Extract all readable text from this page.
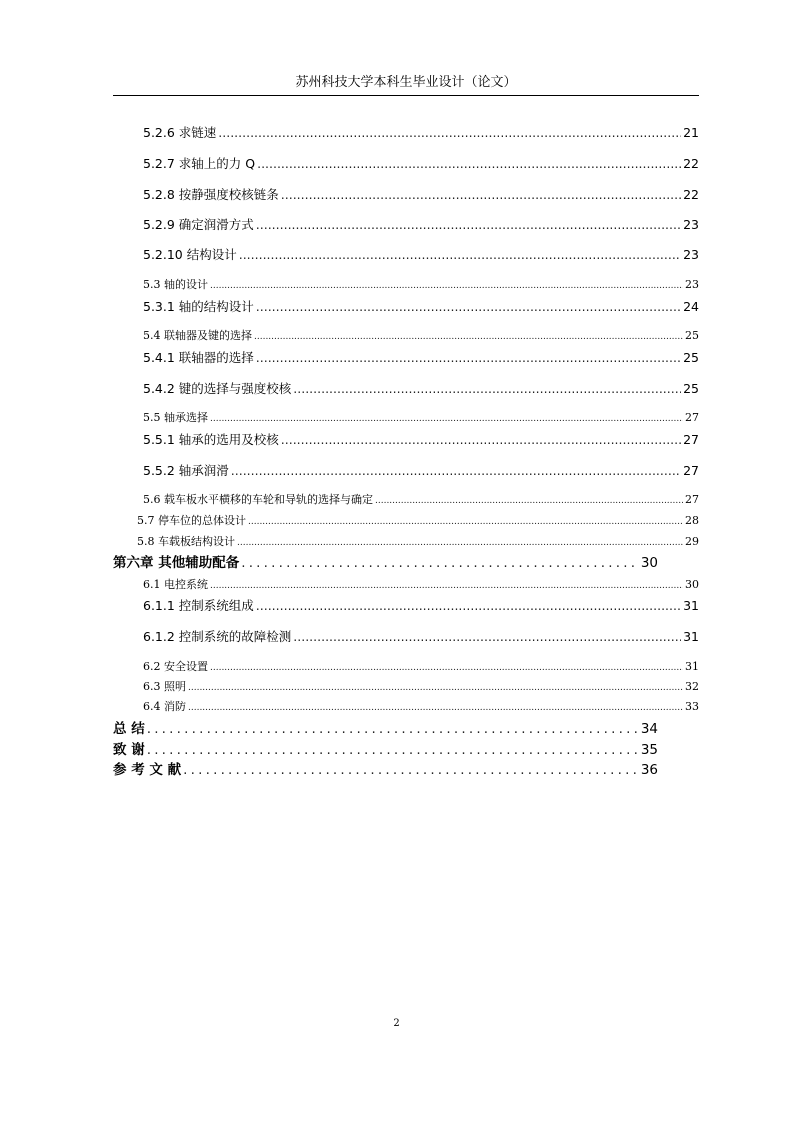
苏州科技大学本科生毕业设计（论文）
5.2.6 求链速 .....	21
5.2.7 求轴上的力 Q .....	22
5.2.8 按静强度校核链条 .....	22
5.2.9 确定润滑方式 .....	23
5.2.10 结构设计 .....	23
5.3 轴的设计 .....	23
5.3.1 轴的结构设计 .....	24
5.4 联轴器及键的选择 .....	25
5.4.1 联轴器的选择 .....	25
5.4.2 键的选择与强度校核 .....	25
5.5 轴承选择 .....	27
5.5.1 轴承的选用及校核 .....	27
5.5.2 轴承润滑 .....	27
5.6 载车板水平横移的车轮和导轨的选择与确定 .....	27
5.7 停车位的总体设计 .....	28
5.8 车载板结构设计 .....	29
第六章 其他辅助配备 .....	30
6.1 电控系统 .....	30
6.1.1 控制系统组成 .....	31
6.1.2 控制系统的故障检测 .....	31
6.2 安全设置 .....	31
6.3 照明 .....	32
6.4 消防 .....	33
总 结 .....	34
致 谢 .....	35
参 考 文 献 .....	36
2
